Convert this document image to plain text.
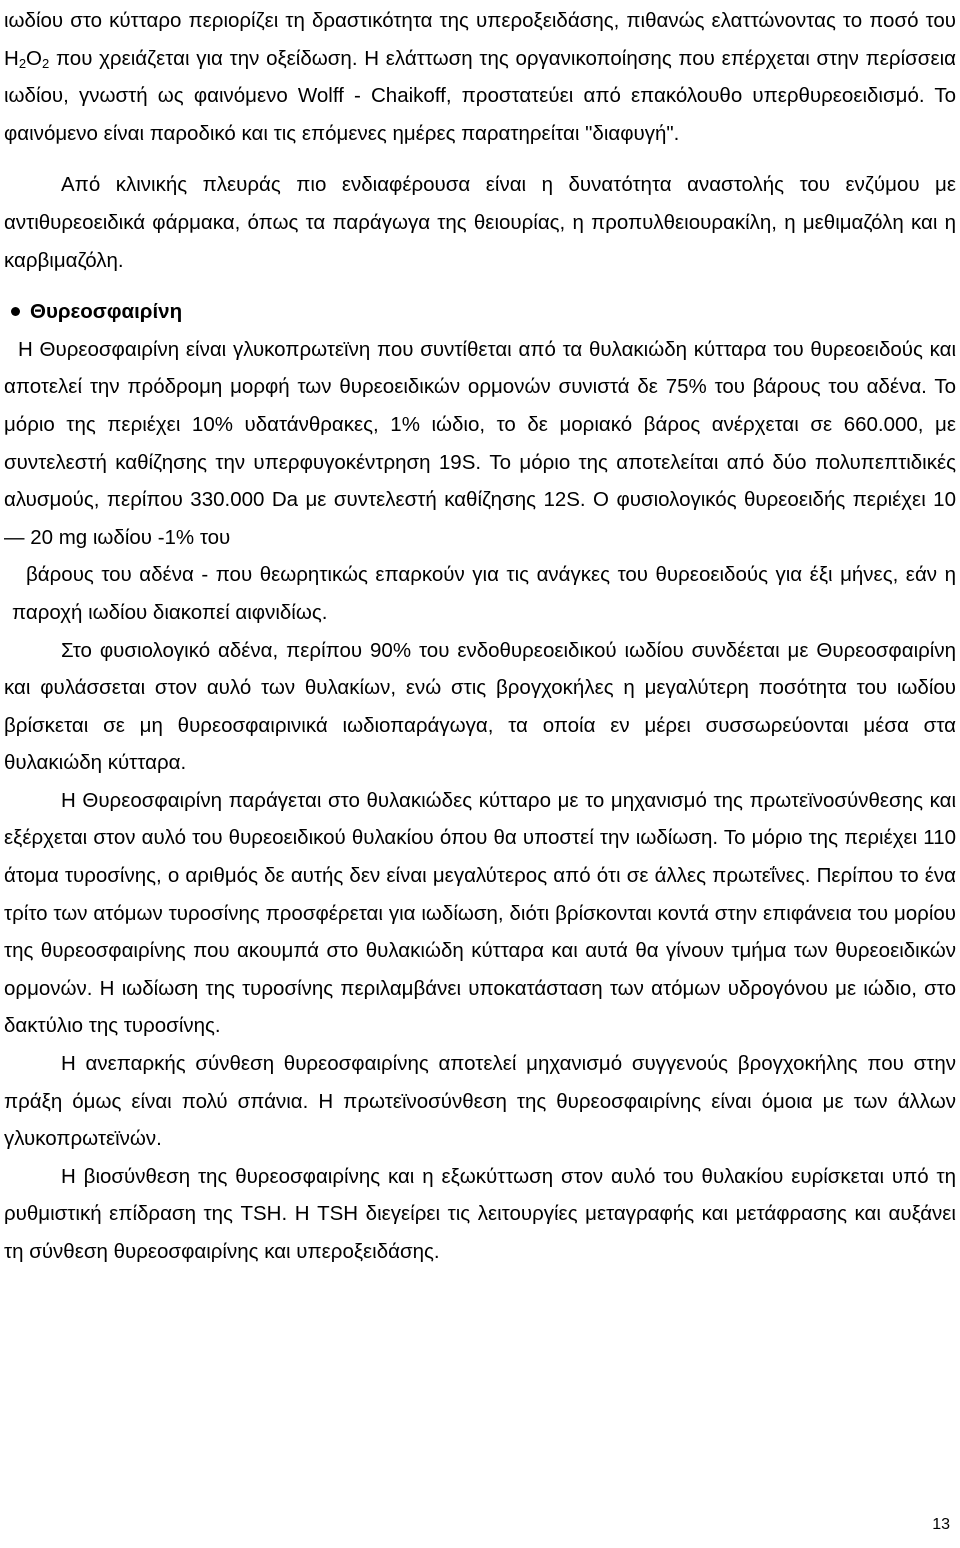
ιωδίου στο κύτταρο περιορίζει τη δραστικότητα της υπεροξειδάσης, πιθανώς ελαττώνοντας το ποσό του $H_2O_2$ που χρειάζεται για την οξείδωση. Η ελάττωση της οργανικοποίησης που επέρχεται στην περίσσεια ιωδίου, γνωστή ως φαινόμενο Wolff - Chaikoff, προστατεύει από επακόλουθο υπερθυρεοειδισμό. Το φαινόμενο είναι παροδικό και τις επόμενες ημέρες παρατηρείται "διαφυγή".

Από κλινικής πλευράς πιο ενδιαφέρουσα είναι η δυνατότητα αναστολής του ενζύμου με αντιθυρεοειδικά φάρμακα, όπως τα παράγωγα της θειουρίας, η προπυλθειουρακίλη, η μεθιμαζόλη και η καρβιμαζόλη.

Θυρεοσφαιρίνη

Η Θυρεοσφαιρίνη είναι γλυκοπρωτεϊνη που συντίθεται από τα θυλακιώδη κύτταρα του θυρεοειδούς και αποτελεί την πρόδρομη μορφή των θυρεοειδικών ορμονών συνιστά δε 75% του βάρους του αδένα. Το μόριο της περιέχει 10% υδατάνθρακες, 1% ιώδιο, το δε μοριακό βάρος ανέρχεται σε 660.000, με συντελεστή καθίζησης την υπερφυγοκέντρηση 19S. Το μόριο της αποτελείται από δύο πολυπεπτιδικές αλυσμούς, περίπου 330.000 Da με συντελεστή καθίζησης 12S. Ο φυσιολογικός θυρεοειδής περιέχει 10 — 20 mg ιωδίου -1% του
βάρους του αδένα - που θεωρητικώς επαρκούν για τις ανάγκες του θυρεοειδούς για έξι μήνες, εάν η παροχή ιωδίου διακοπεί αιφνιδίως.

Στο φυσιολογικό αδένα, περίπου 90% του ενδοθυρεοειδικού ιωδίου συνδέεται με Θυρεοσφαιρίνη και φυλάσσεται στον αυλό των θυλακίων, ενώ στις βρογχοκήλες η μεγαλύτερη ποσότητα του ιωδίου βρίσκεται σε μη θυρεοσφαιρινικά ιωδιοπαράγωγα, τα οποία εν μέρει συσσωρεύονται μέσα στα θυλακιώδη κύτταρα.

Η Θυρεοσφαιρίνη παράγεται στο θυλακιώδες κύτταρο με το μηχανισμό της πρωτεϊνοσύνθεσης και εξέρχεται στον αυλό του θυρεοειδικού θυλακίου όπου θα υποστεί την ιωδίωση. Το μόριο της περιέχει 110 άτομα τυροσίνης, ο αριθμός δε αυτής δεν είναι μεγαλύτερος από ότι σε άλλες πρωτεΐνες. Περίπου το ένα τρίτο των ατόμων τυροσίνης προσφέρεται για ιωδίωση, διότι βρίσκονται κοντά στην επιφάνεια του μορίου της θυρεοσφαιρίνης που ακουμπά στο θυλακιώδη κύτταρα και αυτά θα γίνουν τμήμα των θυρεοειδικών ορμονών. Η ιωδίωση της τυροσίνης περιλαμβάνει υποκατάσταση των ατόμων υδρογόνου με ιώδιο, στο δακτύλιο της τυροσίνης.

Η ανεπαρκής σύνθεση θυρεοσφαιρίνης αποτελεί μηχανισμό συγγενούς βρογχοκήλης που στην πράξη όμως είναι πολύ σπάνια. Η πρωτεϊνοσύνθεση της θυρεοσφαιρίνης είναι όμοια με των άλλων γλυκοπρωτεϊνών.

Η βιοσύνθεση της θυρεοσφαιρίνης και η εξωκύττωση στον αυλό του θυλακίου ευρίσκεται υπό τη ρυθμιστική επίδραση της TSH. Η TSH διεγείρει τις λειτουργίες μεταγραφής και μετάφρασης και αυξάνει τη σύνθεση θυρεοσφαιρίνης και υπεροξειδάσης.

13
